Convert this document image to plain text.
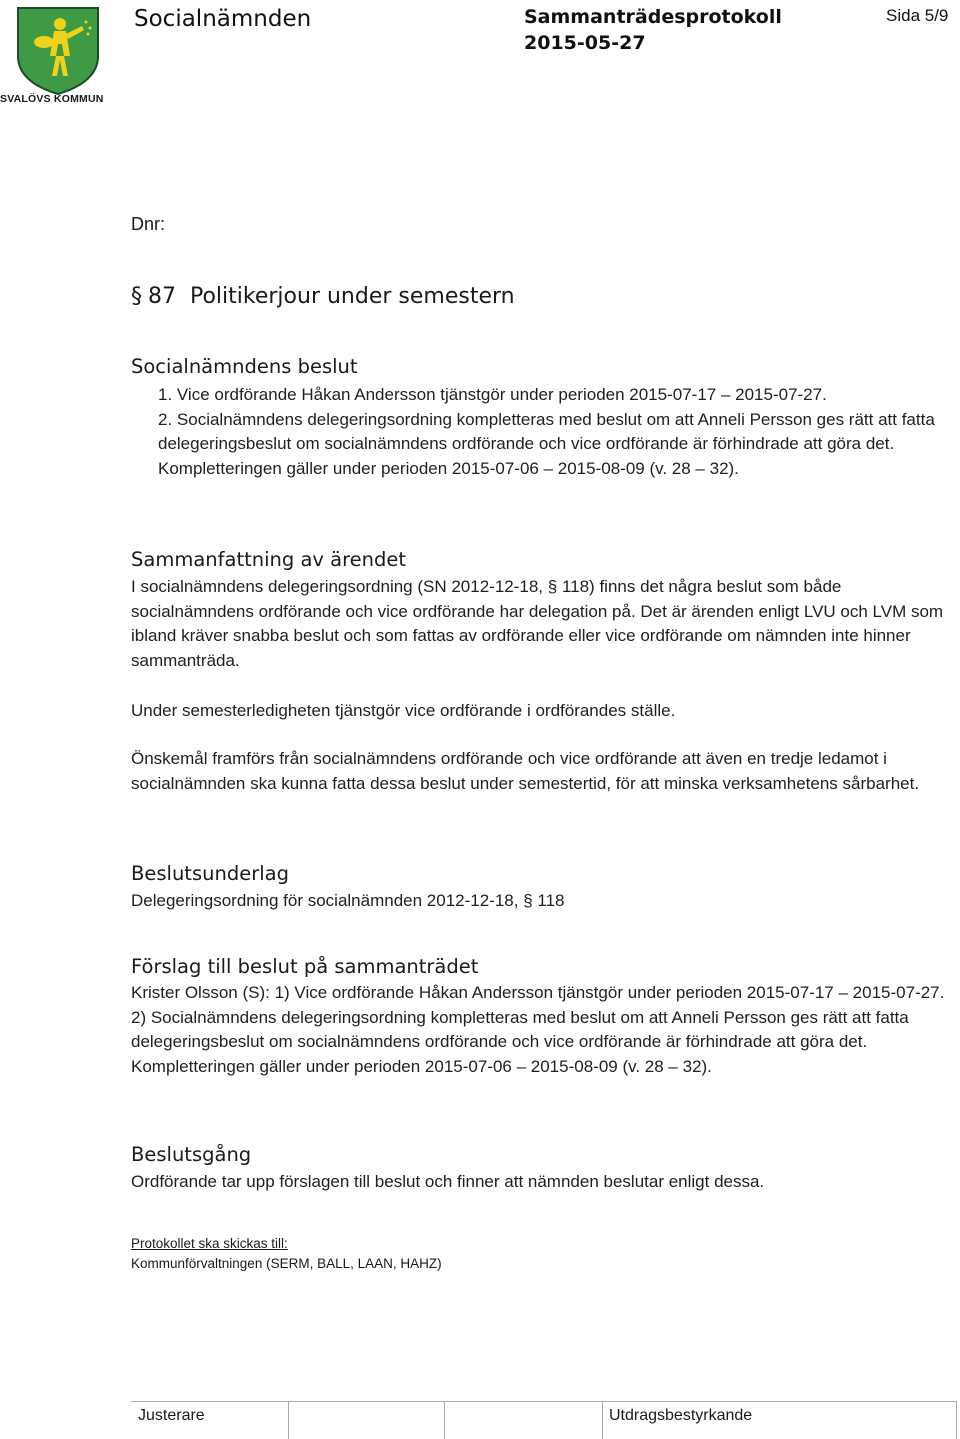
SVALÖVS KOMMUN
Socialnämnden	Sammanträdesprotokoll
2015-05-27
Sida 5/9
Dnr:
§ 87  Politikerjour under semestern
Socialnämndens beslut
1. Vice ordförande Håkan Andersson tjänstgör under perioden 2015-07-17 – 2015-07-27.
2. Socialnämndens delegeringsordning kompletteras med beslut om att Anneli Persson ges rätt att fatta delegeringsbeslut om socialnämndens ordförande och vice ordförande är förhindrade att göra det. Kompletteringen gäller under perioden 2015-07-06 – 2015-08-09 (v. 28 – 32).
Sammanfattning av ärendet
I socialnämndens delegeringsordning (SN 2012-12-18, § 118) finns det några beslut som både socialnämndens ordförande och vice ordförande har delegation på. Det är ärenden enligt LVU och LVM som ibland kräver snabba beslut och som fattas av ordförande eller vice ordförande om nämnden inte hinner sammanträda.
Under semesterledigheten tjänstgör vice ordförande i ordförandes ställe.
Önskemål framförs från socialnämndens ordförande och vice ordförande att även en tredje ledamot i socialnämnden ska kunna fatta dessa beslut under semestertid, för att minska verksamhetens sårbarhet.
Beslutsunderlag
Delegeringsordning för socialnämnden 2012-12-18, § 118
Förslag till beslut på sammanträdet
Krister Olsson (S): 1) Vice ordförande Håkan Andersson tjänstgör under perioden 2015-07-17 – 2015-07-27. 2) Socialnämndens delegeringsordning kompletteras med beslut om att Anneli Persson ges rätt att fatta delegeringsbeslut om socialnämndens ordförande och vice ordförande är förhindrade att göra det. Kompletteringen gäller under perioden 2015-07-06 – 2015-08-09 (v. 28 – 32).
Beslutsgång
Ordförande tar upp förslagen till beslut och finner att nämnden beslutar enligt dessa.
Protokollet ska skickas till:
Kommunförvaltningen (SERM, BALL, LAAN, HAHZ)
Justerare	Utdragsbestyrkande
